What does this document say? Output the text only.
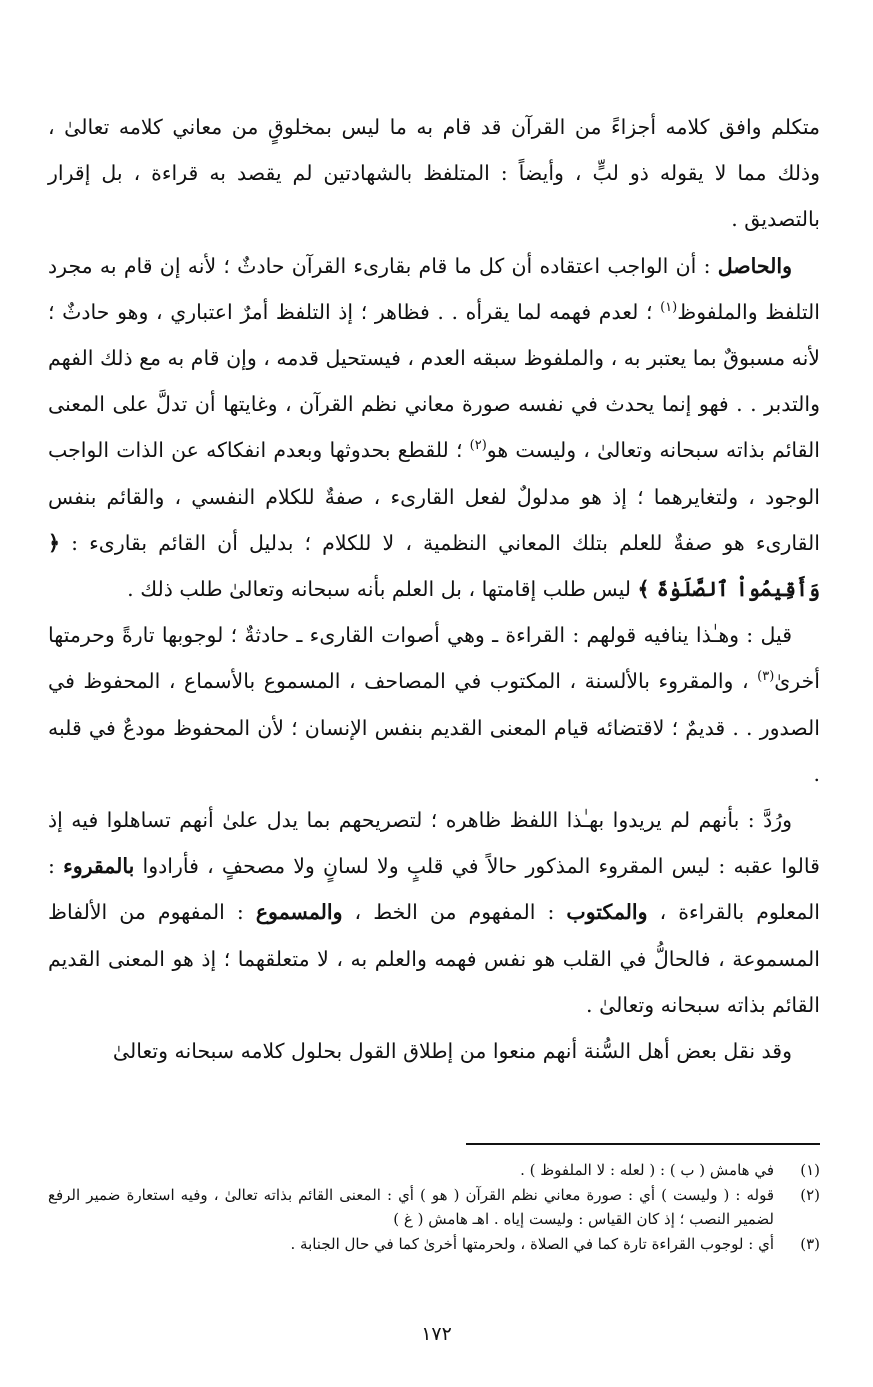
متكلم وافق كلامه أجزاءً من القرآن قد قام به ما ليس بمخلوقٍ من معاني كلامه تعالىٰ ، وذلك مما لا يقوله ذو لبٍّ ، وأيضاً : المتلفظ بالشهادتين لم يقصد به قراءة ، بل إقرار بالتصديق .

والحاصل : أن الواجب اعتقاده أن كل ما قام بقارىء القرآن حادثٌ ؛ لأنه إن قام به مجرد التلفظ والملفوظ$^{(١)}$ ؛ لعدم فهمه لما يقرأه . . فظاهر ؛ إذ التلفظ أمرٌ اعتباري ، وهو حادثٌ ؛ لأنه مسبوقٌ بما يعتبر به ، والملفوظ سبقه العدم ، فيستحيل قدمه ، وإن قام به مع ذلك الفهم والتدبر . . فهو إنما يحدث في نفسه صورة معاني نظم القرآن ، وغايتها أن تدلَّ على المعنى القائم بذاته سبحانه وتعالىٰ ، وليست هو$^{(٢)}$ ؛ للقطع بحدوثها وبعدم انفكاكه عن الذات الواجب الوجود ، ولتغايرهما ؛ إذ هو مدلولٌ لفعل القارىء ، صفةٌ للكلام النفسي ، والقائم بنفس القارىء هو صفةٌ للعلم بتلك المعاني النظمية ، لا للكلام ؛ بدليل أن القائم بقارىء : ﴿ وَأَقِيمُواْ ٱلصَّلَوٰةَ ﴾ ليس طلب إقامتها ، بل العلم بأنه سبحانه وتعالىٰ طلب ذلك .

قيل : وهـٰذا ينافيه قولهم : القراءة ـ وهي أصوات القارىء ـ حادثةٌ ؛ لوجوبها تارةً وحرمتها أخرىٰ$^{(٣)}$ ، والمقروء بالألسنة ، المكتوب في المصاحف ، المسموع بالأسماع ، المحفوظ في الصدور . . قديمٌ ؛ لاقتضائه قيام المعنى القديم بنفس الإنسان ؛ لأن المحفوظ مودعٌ في قلبه .

ورُدَّ : بأنهم لم يريدوا بهـٰذا اللفظ ظاهره ؛ لتصريحهم بما يدل علىٰ أنهم تساهلوا فيه إذ قالوا عقبه : ليس المقروء المذكور حالاً في قلبٍ ولا لسانٍ ولا مصحفٍ ، فأرادوا بالمقروء : المعلوم بالقراءة ، والمكتوب : المفهوم من الخط ، والمسموع : المفهوم من الألفاظ المسموعة ، فالحالُّ في القلب هو نفس فهمه والعلم به ، لا متعلقهما ؛ إذ هو المعنى القديم القائم بذاته سبحانه وتعالىٰ .

وقد نقل بعض أهل السُّنة أنهم منعوا من إطلاق القول بحلول كلامه سبحانه وتعالىٰ

(١)
في هامش ( ب ) : ( لعله : لا الملفوظ ) .

(٢)
قوله : ( وليست ) أي : صورة معاني نظم القرآن ( هو ) أي : المعنى القائم بذاته تعالىٰ ، وفيه استعارة ضمير الرفع لضمير النصب ؛ إذ كان القياس : وليست إياه . اهـ هامش ( غ )

(٣)
أي : لوجوب القراءة تارة كما في الصلاة ، ولحرمتها أخرىٰ كما في حال الجنابة .

١٧٢
